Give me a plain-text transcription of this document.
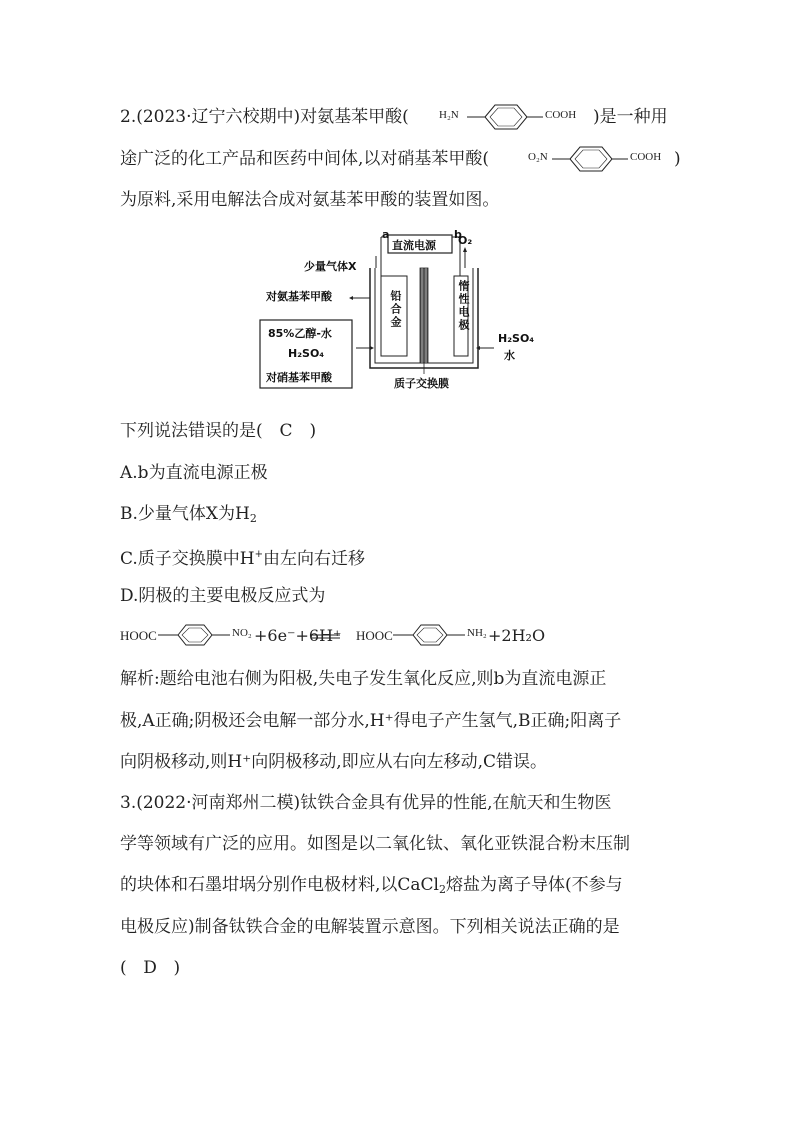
2.(2023·辽宁六校期中)对氨基苯甲酸(	H₂N	COOH )是一种用
途广泛的化工产品和医药中间体,以对硝基苯甲酸(	O₂N	COOH )
为原料,采用电解法合成对氨基苯甲酸的装置如图。
a	b
直流电源
少量气体X
O₂
对氨基苯甲酸
85%乙醇-水
H₂SO₄
对硝基苯甲酸
铅合金	惰性电极
H₂SO₄
水
质子交换膜
下列说法错误的是( C )
A.b为直流电源正极
B.少量气体X为$H_2$
C.质子交换膜中H+由左向右迁移
D.阴极的主要电极反应式为
HOOC	NO₂ +6e⁻+6H⁺ HOOC	NH₂ +2H₂O
解析:题给电池右侧为阳极,失电子发生氧化反应,则b为直流电源正
极,A正确;阴极还会电解一部分水,H⁺得电子产生氢气,B正确;阳离子
向阴极移动,则H⁺向阴极移动,即应从右向左移动,C错误。
3.(2022·河南郑州二模)钛铁合金具有优异的性能,在航天和生物医
学等领域有广泛的应用。如图是以二氧化钛、氧化亚铁混合粉末压制
的块体和石墨坩埚分别作电极材料,以CaCl$_2$熔盐为离子导体(不参与
电极反应)制备钛铁合金的电解装置示意图。下列相关说法正确的是
( D )
